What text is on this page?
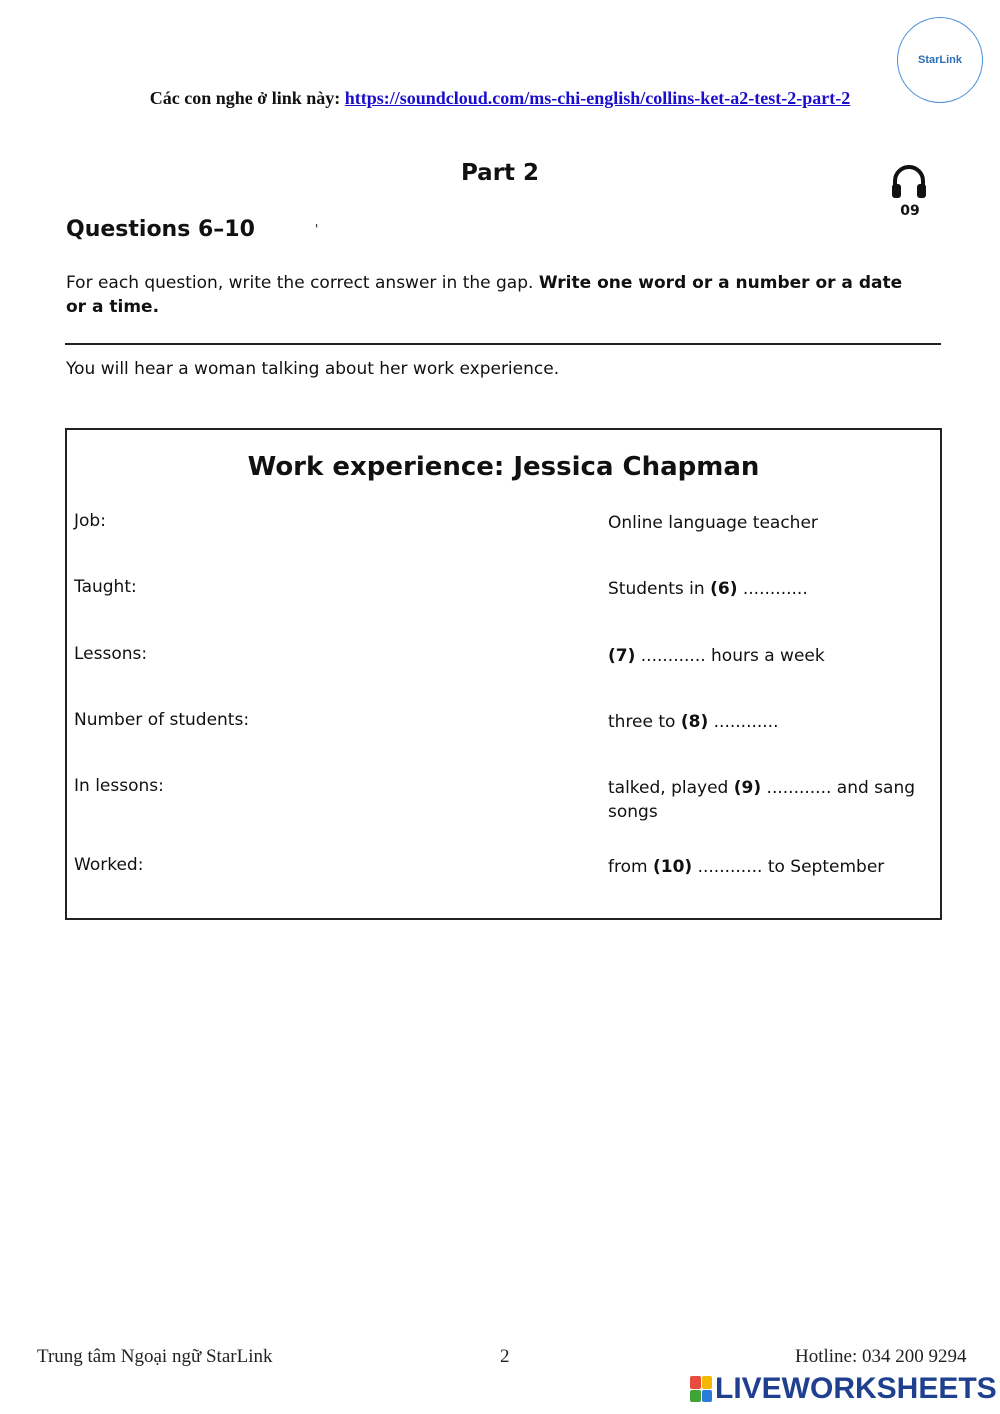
Các con nghe ở link này: https://soundcloud.com/ms-chi-english/collins-ket-a2-test-2-part-2
StarLink
Part 2
09
Questions 6–10	'
For each question, write the correct answer in the gap. Write one word or a number or a date or a time.
You will hear a woman talking about her work experience.
Work experience: Jessica Chapman
Job:	Online language teacher
Taught:	Students in (6) ............
Lessons:	(7) ............ hours a week
Number of students:	three to (8) ............
In lessons:	talked, played (9) ............ and sang songs
Worked:	from (10) ............ to September
Trung tâm Ngoại ngữ StarLink	2	Hotline: 034 200 9294
LIVEWORKSHEETS
